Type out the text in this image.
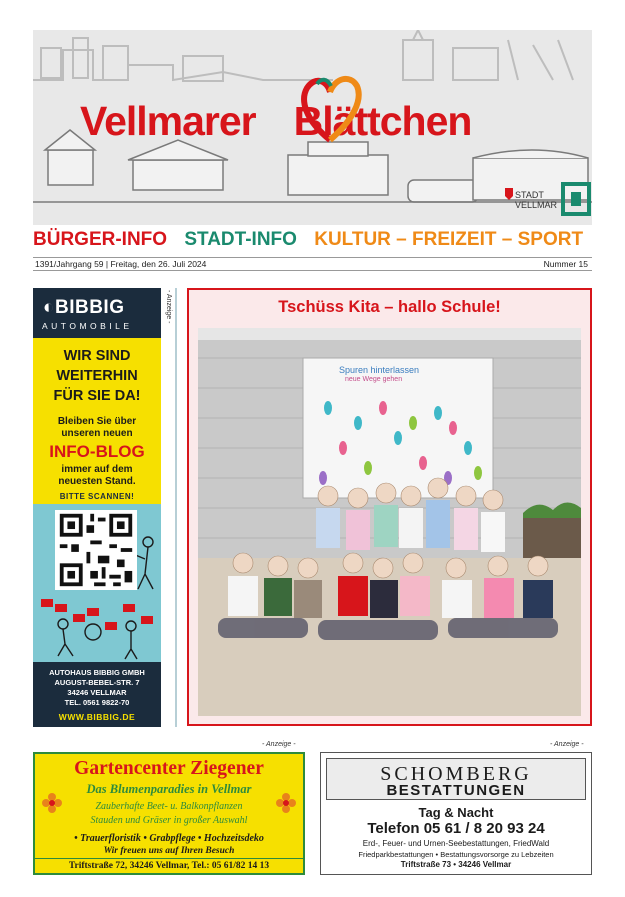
Vellmarer Blättchen
STADT
VELLMAR
BÜRGER-INFO STADT-INFO KULTUR – FREIZEIT – SPORT
1391/Jahrgang 59 | Freitag, den 26. Juli 2024	Nummer 15
◐BIBBIG
AUTOMOBILE
WIR SIND
WEITERHIN
FÜR SIE DA!
Bleiben Sie über
unseren neuen
INFO-BLOG
immer auf dem
neuesten Stand.
BITTE SCANNEN!
AUTOHAUS BIBBIG GMBH
AUGUST-BEBEL-STR. 7
34246 VELLMAR
TEL. 0561 9822-70
WWW.BIBBIG.DE
- Anzeige -	Tschüss Kita – hallo Schule!
Spuren hinterlassen
neue Wege gehen
- Anzeige -
Gartencenter Ziegener
Das Blumenparadies in Vellmar
Zauberhafte Beet- u. Balkonpflanzen
Stauden und Gräser in großer Auswahl
• Trauerfloristik • Grabpflege • Hochzeitsdeko
Wir freuen uns auf Ihren Besuch
Triftstraße 72, 34246 Vellmar, Tel.: 05 61/82 14 13
- Anzeige -
SCHOMBERG
BESTATTUNGEN
Tag & Nacht
Telefon 05 61 / 8 20 93 24
Erd-, Feuer- und Urnen-Seebestattungen, FriedWald
Friedparkbestattungen • Bestattungsvorsorge zu Lebzeiten
Triftstraße 73 • 34246 Vellmar
